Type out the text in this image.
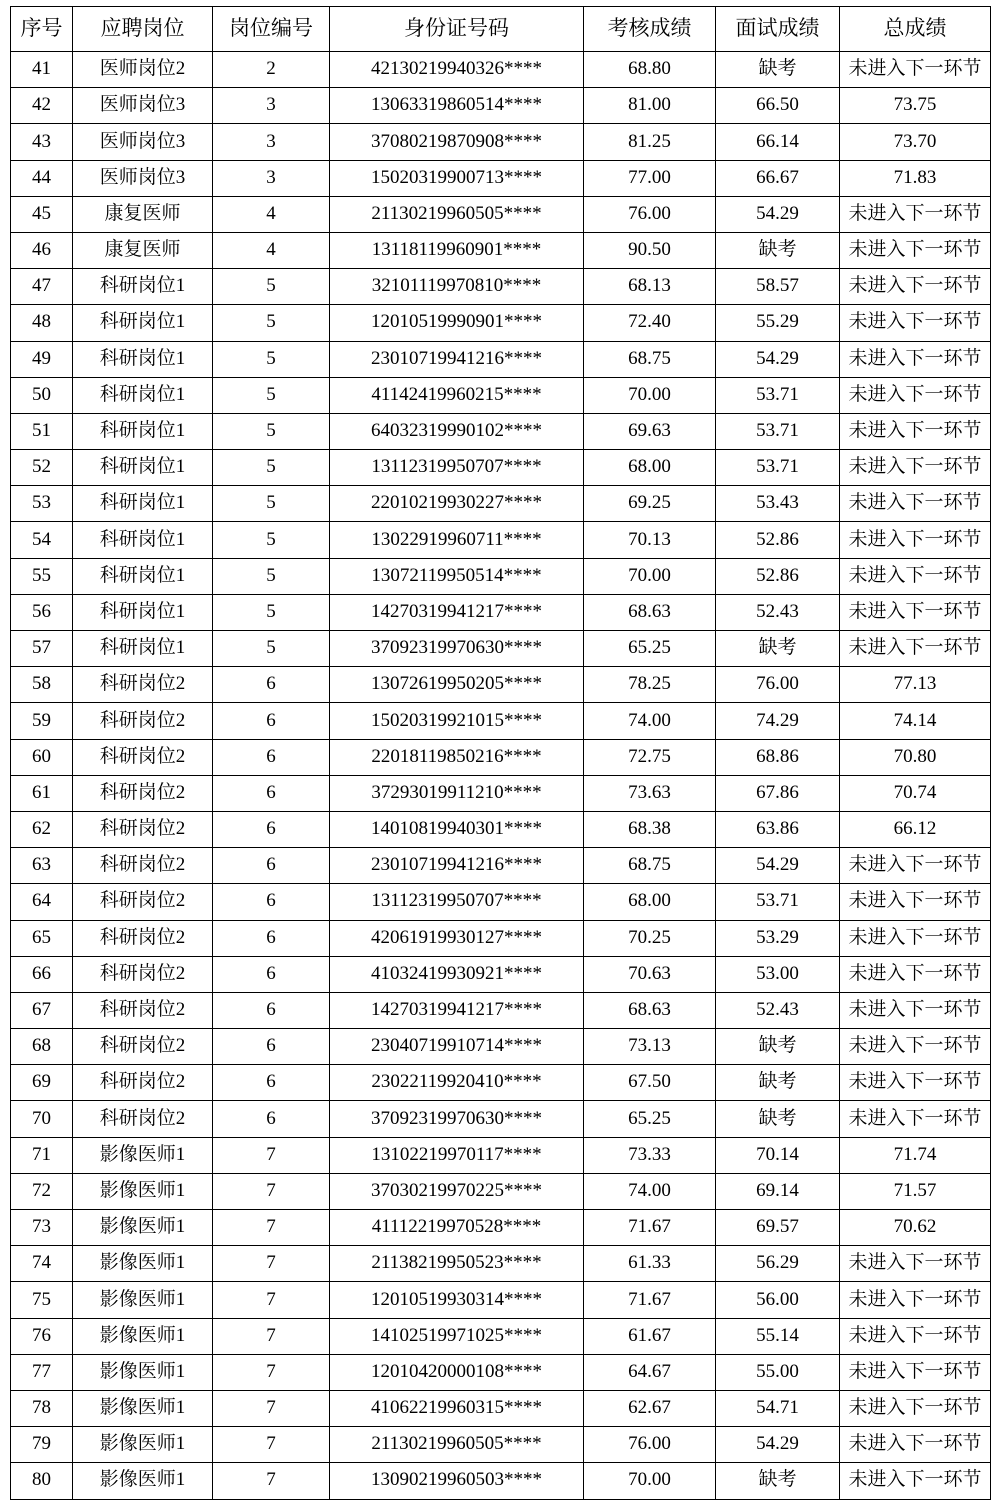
序号	应聘岗位	岗位编号	身份证号码	考核成绩	面试成绩	总成绩
41	医师岗位2	2	42130219940326****	68.80	缺考	未进入下一环节
42	医师岗位3	3	13063319860514****	81.00	66.50	73.75
43	医师岗位3	3	37080219870908****	81.25	66.14	73.70
44	医师岗位3	3	15020319900713****	77.00	66.67	71.83
45	康复医师	4	21130219960505****	76.00	54.29	未进入下一环节
46	康复医师	4	13118119960901****	90.50	缺考	未进入下一环节
47	科研岗位1	5	32101119970810****	68.13	58.57	未进入下一环节
48	科研岗位1	5	12010519990901****	72.40	55.29	未进入下一环节
49	科研岗位1	5	23010719941216****	68.75	54.29	未进入下一环节
50	科研岗位1	5	41142419960215****	70.00	53.71	未进入下一环节
51	科研岗位1	5	64032319990102****	69.63	53.71	未进入下一环节
52	科研岗位1	5	13112319950707****	68.00	53.71	未进入下一环节
53	科研岗位1	5	22010219930227****	69.25	53.43	未进入下一环节
54	科研岗位1	5	13022919960711****	70.13	52.86	未进入下一环节
55	科研岗位1	5	13072119950514****	70.00	52.86	未进入下一环节
56	科研岗位1	5	14270319941217****	68.63	52.43	未进入下一环节
57	科研岗位1	5	37092319970630****	65.25	缺考	未进入下一环节
58	科研岗位2	6	13072619950205****	78.25	76.00	77.13
59	科研岗位2	6	15020319921015****	74.00	74.29	74.14
60	科研岗位2	6	22018119850216****	72.75	68.86	70.80
61	科研岗位2	6	37293019911210****	73.63	67.86	70.74
62	科研岗位2	6	14010819940301****	68.38	63.86	66.12
63	科研岗位2	6	23010719941216****	68.75	54.29	未进入下一环节
64	科研岗位2	6	13112319950707****	68.00	53.71	未进入下一环节
65	科研岗位2	6	42061919930127****	70.25	53.29	未进入下一环节
66	科研岗位2	6	41032419930921****	70.63	53.00	未进入下一环节
67	科研岗位2	6	14270319941217****	68.63	52.43	未进入下一环节
68	科研岗位2	6	23040719910714****	73.13	缺考	未进入下一环节
69	科研岗位2	6	23022119920410****	67.50	缺考	未进入下一环节
70	科研岗位2	6	37092319970630****	65.25	缺考	未进入下一环节
71	影像医师1	7	13102219970117****	73.33	70.14	71.74
72	影像医师1	7	37030219970225****	74.00	69.14	71.57
73	影像医师1	7	41112219970528****	71.67	69.57	70.62
74	影像医师1	7	21138219950523****	61.33	56.29	未进入下一环节
75	影像医师1	7	12010519930314****	71.67	56.00	未进入下一环节
76	影像医师1	7	14102519971025****	61.67	55.14	未进入下一环节
77	影像医师1	7	12010420000108****	64.67	55.00	未进入下一环节
78	影像医师1	7	41062219960315****	62.67	54.71	未进入下一环节
79	影像医师1	7	21130219960505****	76.00	54.29	未进入下一环节
80	影像医师1	7	13090219960503****	70.00	缺考	未进入下一环节
